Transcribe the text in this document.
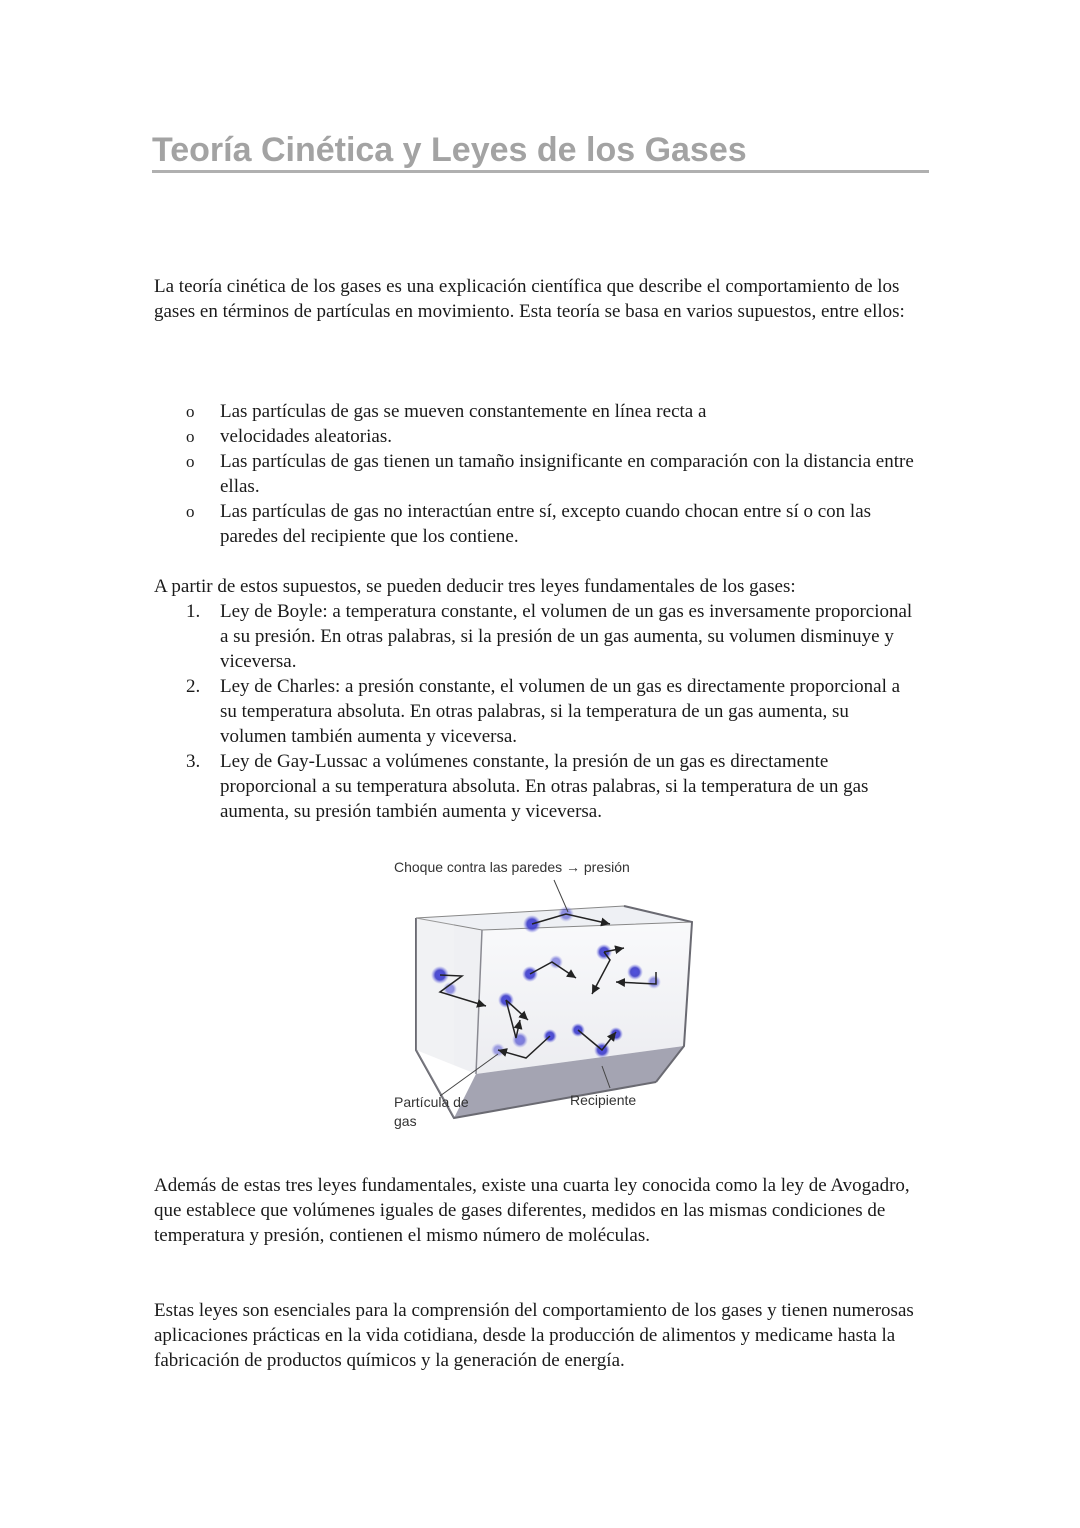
Teoría Cinética y Leyes de los Gases

La teoría cinética de los gases es una explicación científica que describe el comportamiento de los gases en términos de partículas en movimiento. Esta teoría se basa en varios supuestos, entre ellos:

o Las partículas de gas se mueven constantemente en línea recta a
o velocidades aleatorias.
o Las partículas de gas tienen un tamaño insignificante en comparación con la distancia entre ellas.
o Las partículas de gas no interactúan entre sí, excepto cuando chocan entre sí o con las paredes del recipiente que los contiene.

A partir de estos supuestos, se pueden deducir tres leyes fundamentales de los gases:

1. Ley de Boyle: a temperatura constante, el volumen de un gas es inversamente proporcional a su presión. En otras palabras, si la presión de un gas aumenta, su volumen disminuye y viceversa.
2. Ley de Charles: a presión constante, el volumen de un gas es directamente proporcional a su temperatura absoluta. En otras palabras, si la temperatura de un gas aumenta, su volumen también aumenta y viceversa.
3. Ley de Gay-Lussac a volúmenes constante, la presión de un gas es directamente proporcional a su temperatura absoluta. En otras palabras, si la temperatura de un gas aumenta, su presión también aumenta y viceversa.

Choque contra las paredes → presión

Partícula de gas

Recipiente

Además de estas tres leyes fundamentales, existe una cuarta ley conocida como la ley de Avogadro, que establece que volúmenes iguales de gases diferentes, medidos en las mismas condiciones de temperatura y presión, contienen el mismo número de moléculas.

Estas leyes son esenciales para la comprensión del comportamiento de los gases y tienen numerosas aplicaciones prácticas en la vida cotidiana, desde la producción de alimentos y medicame hasta la fabricación de productos químicos y la generación de energía.
